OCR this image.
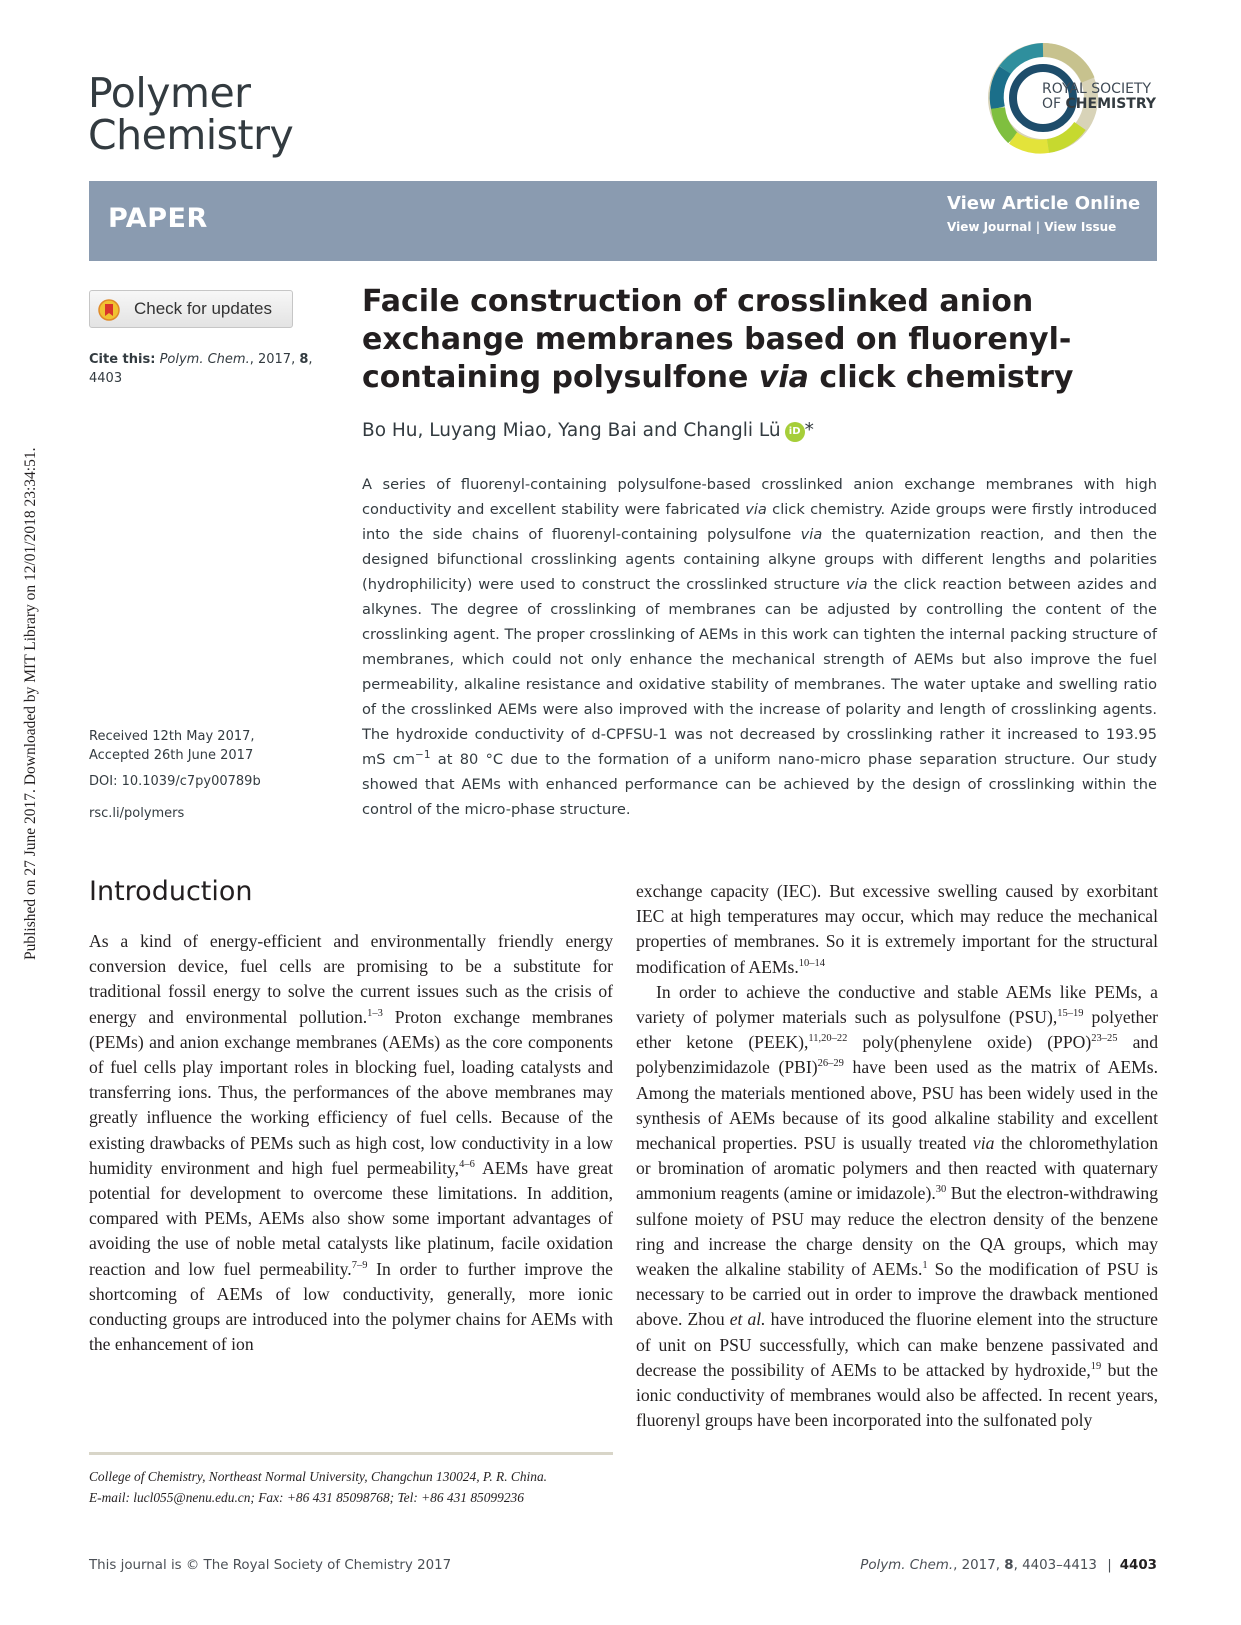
Published on 27 June 2017. Downloaded by MIT Library on 12/01/2018 23:34:51.
Polymer
Chemistry
ROYAL SOCIETY
OF CHEMISTRY
PAPER	View Article Online
View Journal | View Issue
Check for updates
Cite this: Polym. Chem., 2017, 8,
4403
Received 12th May 2017,
Accepted 26th June 2017
DOI: 10.1039/c7py00789b
rsc.li/polymers
Facile construction of crosslinked anion exchange membranes based on fluorenyl-containing polysulfone via click chemistry
Bo Hu, Luyang Miao, Yang Bai and Changli Lü iD *
A series of fluorenyl-containing polysulfone-based crosslinked anion exchange membranes with high conductivity and excellent stability were fabricated via click chemistry. Azide groups were firstly introduced into the side chains of fluorenyl-containing polysulfone via the quaternization reaction, and then the designed bifunctional crosslinking agents containing alkyne groups with different lengths and polarities (hydrophilicity) were used to construct the crosslinked structure via the click reaction between azides and alkynes. The degree of crosslinking of membranes can be adjusted by controlling the content of the crosslinking agent. The proper crosslinking of AEMs in this work can tighten the internal packing structure of membranes, which could not only enhance the mechanical strength of AEMs but also improve the fuel permeability, alkaline resistance and oxidative stability of membranes. The water uptake and swelling ratio of the crosslinked AEMs were also improved with the increase of polarity and length of crosslinking agents. The hydroxide conductivity of d-CPFSU-1 was not decreased by crosslinking rather it increased to 193.95 mS $cm^{-1}$ at 80 °C due to the formation of a uniform nano-micro phase separation structure. Our study showed that AEMs with enhanced performance can be achieved by the design of crosslinking within the control of the micro-phase structure.
Introduction

As a kind of energy-efficient and environmentally friendly energy conversion device, fuel cells are promising to be a substitute for traditional fossil energy to solve the current issues such as the crisis of energy and environmental pollution.$^{1-3}$ Proton exchange membranes (PEMs) and anion exchange membranes (AEMs) as the core components of fuel cells play important roles in blocking fuel, loading catalysts and transferring ions. Thus, the performances of the above membranes may greatly influence the working efficiency of fuel cells. Because of the existing drawbacks of PEMs such as high cost, low conductivity in a low humidity environment and high fuel permeability,$^{4-6}$ AEMs have great potential for development to overcome these limitations. In addition, compared with PEMs, AEMs also show some important advantages of avoiding the use of noble metal catalysts like platinum, facile oxidation reaction and low fuel permeability.$^{7-9}$ In order to further improve the shortcoming of AEMs of low conductivity, generally, more ionic conducting groups are introduced into the polymer chains for AEMs with the enhancement of ion

exchange capacity (IEC). But excessive swelling caused by exorbitant IEC at high temperatures may occur, which may reduce the mechanical properties of membranes. So it is extremely important for the structural modification of AEMs.$^{10-14}$

In order to achieve the conductive and stable AEMs like PEMs, a variety of polymer materials such as polysulfone (PSU),$^{15-19}$ polyether ether ketone (PEEK),$^{11,20-22}$ poly(phenylene oxide) (PPO)$^{23-25}$ and polybenzimidazole (PBI)$^{26-29}$ have been used as the matrix of AEMs. Among the materials mentioned above, PSU has been widely used in the synthesis of AEMs because of its good alkaline stability and excellent mechanical properties. PSU is usually treated via the chloromethylation or bromination of aromatic polymers and then reacted with quaternary ammonium reagents (amine or imidazole).$^{30}$ But the electron-withdrawing sulfone moiety of PSU may reduce the electron density of the benzene ring and increase the charge density on the QA groups, which may weaken the alkaline stability of AEMs.$^1$ So the modification of PSU is necessary to be carried out in order to improve the drawback mentioned above. Zhou et al. have introduced the fluorine element into the structure of unit on PSU successfully, which can make benzene passivated and decrease the possibility of AEMs to be attacked by hydroxide,$^{19}$ but the ionic conductivity of membranes would also be affected. In recent years, fluorenyl groups have been incorporated into the sulfonated poly

College of Chemistry, Northeast Normal University, Changchun 130024, P. R. China.
E-mail: lucl055@nenu.edu.cn; Fax: +86 431 85098768; Tel: +86 431 85099236
This journal is © The Royal Society of Chemistry 2017	Polym. Chem., 2017, 8, 4403–4413 | 4403
